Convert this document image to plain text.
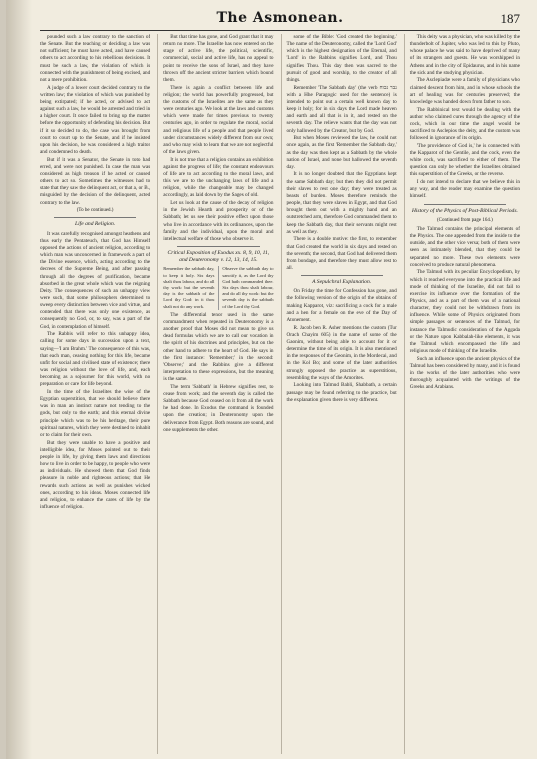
The Asmonean.	187

pounded such a law contrary to the sanction of the Senate. But the teaching or deciding a law was not sufficient; he must have acted, and have caused others to act according to his rebellious decisions. It must be such a law, the violation of which is connected with the punishment of being excised, and not a mere prohibition.

A judge of a lower court decided contrary to the written law; the violation of which was punished by being extirpated; if he acted, or advised to act against such a law, he would be arrested and tried in a higher court. It once failed to bring up the matter before the opportunity of defending his decision. But if it so decided to do, the case was brought from court to court up to the Senate, and if he insisted upon his decision, he was considered a high traitor and condemned to death.

But if it was a Senator, the Senate in toto had erred, and were not punished. In case the man was considered as high treason if he acted or caused others to act so. Sometimes the witnesses had to state that they saw the delinquent act, or that a, or B., misguided by the decision of the delinquent, acted contrary to the law.

(To be continued.)
Life and Religion.

It was carefully recognised amongst heathens and thus early the Pentateuch, that God has Himself opposed the actions of ancient religion, according to which man was unconcerned in framework a part of the Divine essence, which, acting according to the decrees of the Supreme Being, and after passing through all the degrees of purification, became absorbed in the great whole which was the reigning Deity. The consequences of such an unhappy view were such, that some philosophers determined to sweep every distinction between vice and virtue, and contended that there was only one existence, as consequently no God, or, to say, was a part of the God, in contemplation of himself.

The Rabbis will refer to this unhappy idea, calling for some days in succession upon a text, saying—'I am Brahm.' The consequence of this was, that each man, ceasing nothing for this life, became unfit for social and civilised state of existence; there was religion without the love of life, and, each becoming as a sojourner for this world, with no preparation or care for life beyond.

In the time of the Israelites the wise of the Egyptian superstition, that we should believe there was in man an instinct nature not tending to the gods, but only to the earth; and this eternal divine principle which was to be his heritage, their pure spiritual natures, which they were destined to inhabit or to claim for their own.

But they were unable to have a positive and intelligible idea, for Moses pointed out to their people in life, by giving them laws and directions how to live in order to be happy, to people who were as individuals. He showed them that God finds pleasure in noble and righteous actions; that He rewards such actions as well as punishes wicked ones, according to his ideas. Moses connected life and religion, to enhance the cares of life by the influence of religion.

But that time has gone, and God grant that it may return no more. The Israelite has now entered on the stage of active life, the political, scientific, commercial, social and active life, has no appeal to point to receive the sons of Israel, and they have thrown off the ancient stricter barriers which bound them.

There is again a conflict between life and religion; the world has powerfully progressed, but the customs of the Israelites are the same as they were centuries ago. We look at the laws and customs which were made for times previous to twenty centuries ago, in order to regulate the moral, social and religious life of a people and that people lived under circumstances widely different from our own; and who may wish to learn that we are not neglectful of the laws given.

It is not true that a religion contains an exhibition against the progress of life; the constant endeavours of life are to act according to the moral laws, and this we are to the unchanging laws of life and a religion, while the changeable may be changed accordingly, as laid down by the Sages of old.

Let us look at the cause of the decay of religion in the Jewish Hearth and prosperity or of the Sabbath; let us see their positive effect upon those who live in accordance with its ordinances, upon the family and the individual, upon the moral and intellectual welfare of those who observe it.

Critical Exposition of Exodus xx. 8, 9, 10, 11, and Deuteronomy v. 12, 13, 14, 15.
Remember the sabbath day, to keep it holy. Six days shalt thou labour, and do all thy work: but the seventh day is the sabbath of the Lord thy God: in it thou shalt not do any work.
Observe the sabbath day to sanctify it, as the Lord thy God hath commanded thee. Six days thou shalt labour, and do all thy work: but the seventh day is the sabbath of the Lord thy God.

The differential tenor used in the same commandment when repeated in Deuteronomy is a another proof that Moses did not mean to give us dead formulas which we are to call our vocation in the spirit of his doctrines and principles, but on the other hand to adhere to the heart of God. He says in the first instance: 'Remember;' in the second: 'Observe;' and the Rabbins give a different interpretation to these expressions, but the meaning is the same.

The term 'Sabbath' in Hebrew signifies rest, to cease from work; and the seventh day is called the Sabbath because God ceased on it from all the work he had done. In Exodus the command is founded upon the creation; in Deuteronomy upon the deliverance from Egypt. Both reasons are sound, and one supplements the other.

some of the Bible: 'God created the beginning.' The name of the Deuteronomy, called the 'Lord God' which is the highest designation of the Eternal, and 'Lord' in the Rabbins signifies Lord, and Thou signifies Thou. This day then was sacred to the pursuit of good and worship, to the creator of all things.

Remember 'The Sabbath day' (the verb נבר נכוח with a Hhe Paragogic used for the sentence) is intended to point out a certain well known day to keep it holy; for in six days the Lord made heaven and earth and all that is in it, and rested on the seventh day. The relieve wants that the day was not only hallowed by the Creator, but by God.

But when Moses reviewed the law, he could not once again, as the first 'Remember the Sabbath day,' as the day was then kept as a Sabbath by the whole nation of Israel, and none but hallowed the seventh day.

It is no longer doubted that the Egyptians kept the same Sabbath day; but then they did not permit their slaves to rest one day; they were treated as beasts of burden. Moses therefore reminds the people, that they were slaves in Egypt, and that God brought them out with a mighty hand and an outstretched arm, therefore God commanded them to keep the Sabbath day, that their servants might rest as well as they.

There is a double motive: the first, to remember that God created the world in six days and rested on the seventh; the second, that God had delivered them from bondage, and therefore they must allow rest to all.

A Sepulchral Explanation.

On Friday the time for Confession has gone, and the following version of the origin of the obtains of making Kapparot, viz: sacrificing a cock for a male and a hen for a female on the eve of the Day of Atonement.

R. Jacob ben R. Asher mentions the custom (Tur Orach Chayim 605) in the name of some of the Gaonim, without being able to account for it or determine the time of its origin. It is also mentioned in the responses of the Geonim, in the Mordecai, and in the Kol Bo; and some of the later authorities strongly opposed the practice as superstitious, resembling the ways of the Amorites.

Looking into Talmud Babli, Shabbath, a certain passage may be found referring to the practice, but the explanation given there is very different.

This deity was a physician, who was killed by the thunderbolt of Jupiter, who was led to this by Pluto, whose palace he was said to have deprived of many of its strangers and guests. He was worshipped in Athens and in the city of Epidaurus, and in his name the sick and the studying physician.

The Asclepiadæ were a family of physicians who claimed descent from him, and in whose schools the art of healing was for centuries preserved; the knowledge was handed down from father to son.

The Rabbinical text would be dealing with the author who claimed cures through the agency of the cock, which in our time the angel would be sacrificed to Asclepios the deity, and the custom was followed in ignorance of its origin.

'The providence of God is,' he is connected with the Kapparot of the Gentile, and the cock, even the white cock, was sacrificed to either of them. The question can only be whether the Israelites obtained this superstition of the Greeks, or the reverse.

I do not intend to declare that we believe this in any way, and the reader may examine the question himself.

History of the Physics of Post-Biblical Periods.
(Continued from page 164.)

The Talmud contains the principal elements of the Physics. The one appended from the inside to the outside, and the other vice versa; both of them were seen as intimately blended, that they could be separated no more. These two elements were conceived to produce natural phenomena.

The Talmud with its peculiar Encyclopedism, by which it reached everyone into the practical life and mode of thinking of the Israelite, did not fail to exercise its influence over the formation of the Physics, and as a part of them was of a national character, they could not be withdrawn from its influence. While some of Physics originated from simple passages or sentences of the Talmud, for instance the Talmudic consideration of the Aggada or the Nature upon Kabbalah-like elements, it was the Talmud which encompassed the life and religious mode of thinking of the Israelite.

Such an influence upon the ancient physics of the Talmud has been considered by many, and it is found in the works of the later authorities who were thoroughly acquainted with the writings of the Greeks and Arabians.
